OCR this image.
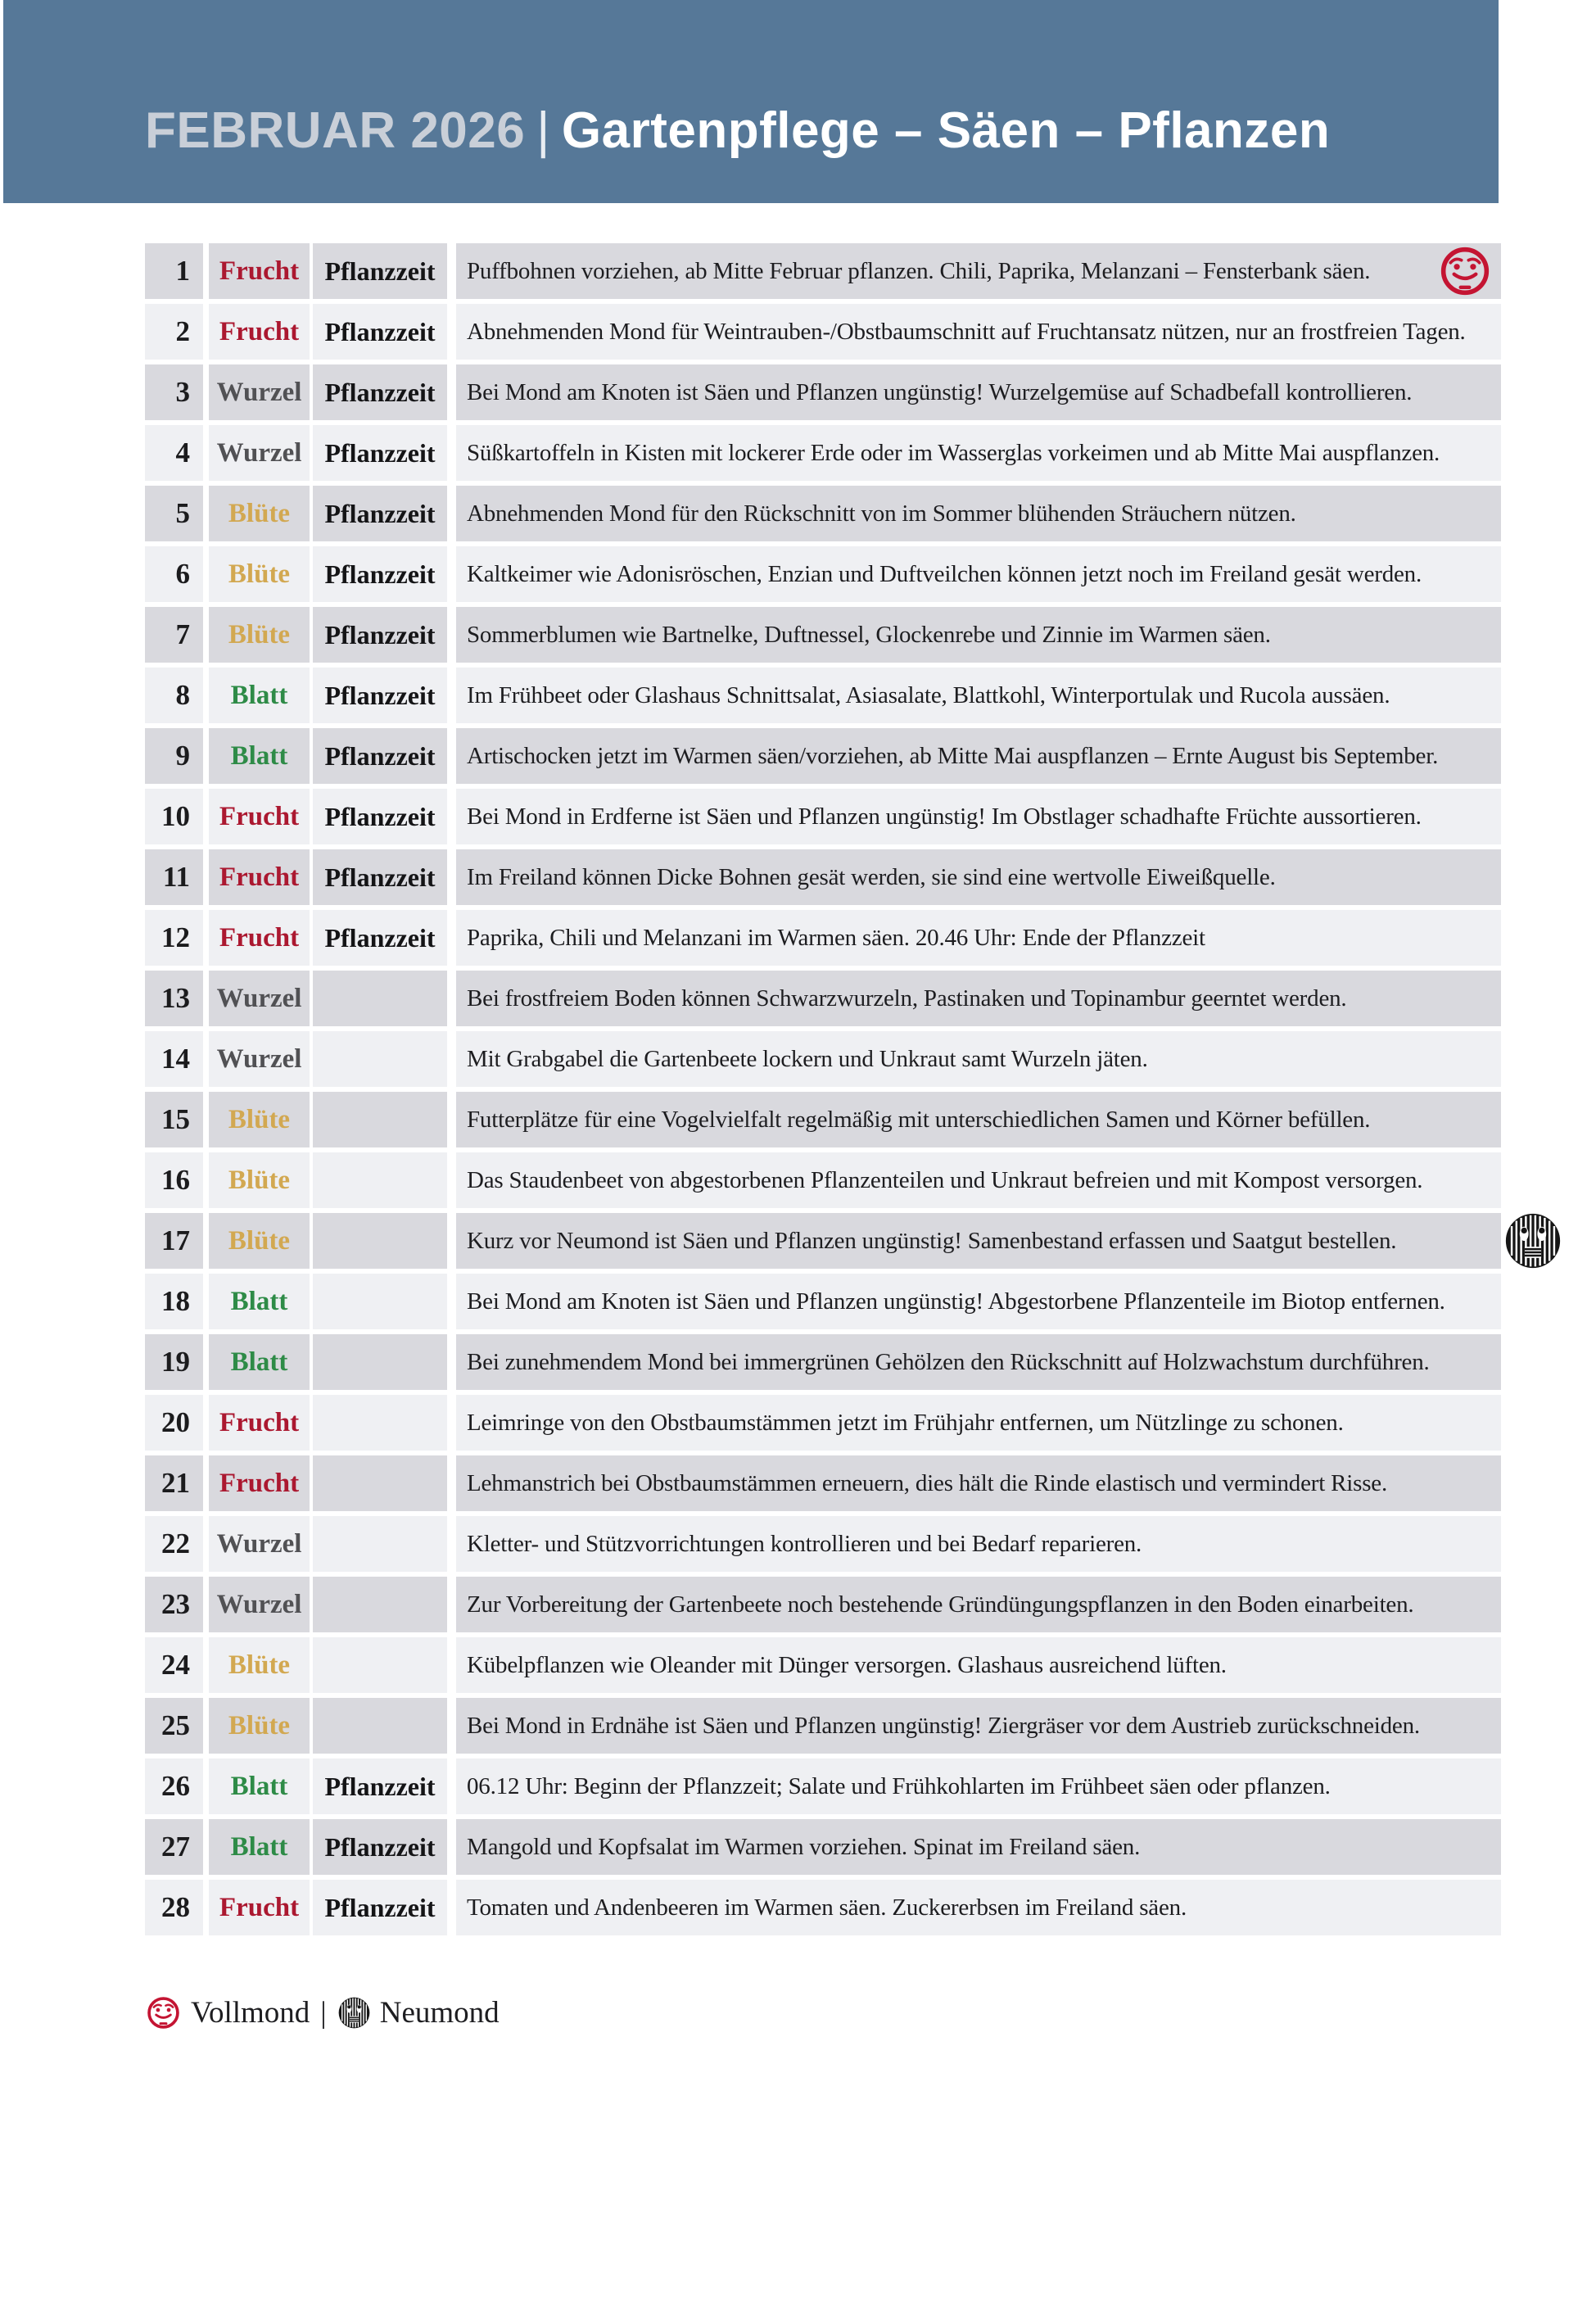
FEBRUAR 2026 | Gartenpflege – Säen – Pflanzen
1 Frucht Pflanzzeit Puffbohnen vorziehen, ab Mitte Februar pflanzen. Chili, Paprika, Melanzani – Fensterbank säen.
2 Frucht Pflanzzeit Abnehmenden Mond für Weintrauben-/Obstbaumschnitt auf Fruchtansatz nützen, nur an frostfreien Tagen.
3 Wurzel Pflanzzeit Bei Mond am Knoten ist Säen und Pflanzen ungünstig! Wurzelgemüse auf Schadbefall kontrollieren.
4 Wurzel Pflanzzeit Süßkartoffeln in Kisten mit lockerer Erde oder im Wasserglas vorkeimen und ab Mitte Mai auspflanzen.
5 Blüte Pflanzzeit Abnehmenden Mond für den Rückschnitt von im Sommer blühenden Sträuchern nützen.
6 Blüte Pflanzzeit Kaltkeimer wie Adonisröschen, Enzian und Duftveilchen können jetzt noch im Freiland gesät werden.
7 Blüte Pflanzzeit Sommerblumen wie Bartnelke, Duftnessel, Glockenrebe und Zinnie im Warmen säen.
8 Blatt Pflanzzeit Im Frühbeet oder Glashaus Schnittsalat, Asiasalate, Blattkohl, Winterportulak und Rucola aussäen.
9 Blatt Pflanzzeit Artischocken jetzt im Warmen säen/vorziehen, ab Mitte Mai auspflanzen – Ernte August bis September.
10 Frucht Pflanzzeit Bei Mond in Erdferne ist Säen und Pflanzen ungünstig! Im Obstlager schadhafte Früchte aussortieren.
11 Frucht Pflanzzeit Im Freiland können Dicke Bohnen gesät werden, sie sind eine wertvolle Eiweißquelle.
12 Frucht Pflanzzeit Paprika, Chili und Melanzani im Warmen säen. 20.46 Uhr: Ende der Pflanzzeit
13 Wurzel	Bei frostfreiem Boden können Schwarzwurzeln, Pastinaken und Topinambur geerntet werden.
14 Wurzel	Mit Grabgabel die Gartenbeete lockern und Unkraut samt Wurzeln jäten.
15 Blüte	Futterplätze für eine Vogelvielfalt regelmäßig mit unterschiedlichen Samen und Körner befüllen.
16 Blüte	Das Staudenbeet von abgestorbenen Pflanzenteilen und Unkraut befreien und mit Kompost versorgen.
17 Blüte	Kurz vor Neumond ist Säen und Pflanzen ungünstig! Samenbestand erfassen und Saatgut bestellen.
18 Blatt	Bei Mond am Knoten ist Säen und Pflanzen ungünstig! Abgestorbene Pflanzenteile im Biotop entfernen.
19 Blatt	Bei zunehmendem Mond bei immergrünen Gehölzen den Rückschnitt auf Holzwachstum durchführen.
20 Frucht	Leimringe von den Obstbaumstämmen jetzt im Frühjahr entfernen, um Nützlinge zu schonen.
21 Frucht	Lehmanstrich bei Obstbaumstämmen erneuern, dies hält die Rinde elastisch und vermindert Risse.
22 Wurzel	Kletter- und Stützvorrichtungen kontrollieren und bei Bedarf reparieren.
23 Wurzel	Zur Vorbereitung der Gartenbeete noch bestehende Gründüngungspflanzen in den Boden einarbeiten.
24 Blüte	Kübelpflanzen wie Oleander mit Dünger versorgen. Glashaus ausreichend lüften.
25 Blüte	Bei Mond in Erdnähe ist Säen und Pflanzen ungünstig! Ziergräser vor dem Austrieb zurückschneiden.
26 Blatt Pflanzzeit 06.12 Uhr: Beginn der Pflanzzeit; Salate und Frühkohlarten im Frühbeet säen oder pflanzen.
27 Blatt Pflanzzeit Mangold und Kopfsalat im Warmen vorziehen. Spinat im Freiland säen.
28 Frucht Pflanzzeit Tomaten und Andenbeeren im Warmen säen. Zuckererbsen im Freiland säen.
Vollmond |	Neumond
